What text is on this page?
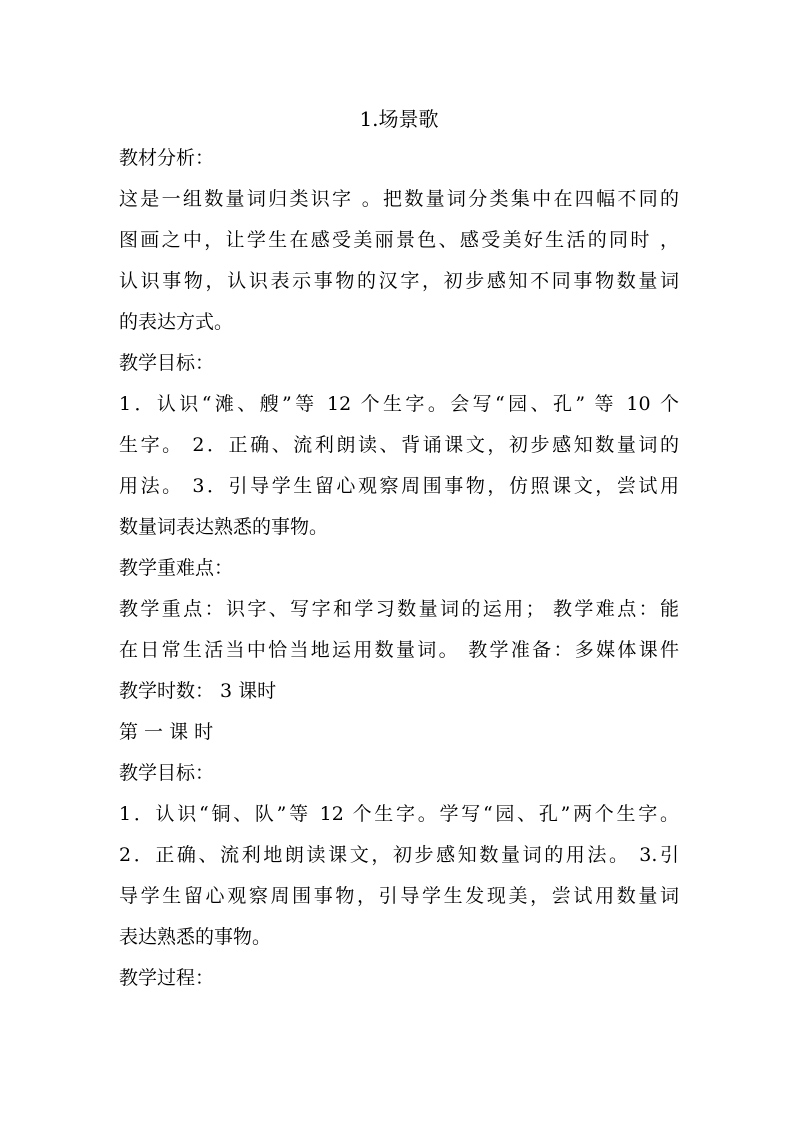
1.场景歌

教材分析：

这是一组数量词归类识字 。把数量词分类集中在四幅不同的

图画之中，让学生在感受美丽景色、感受美好生活的同时 ，

认识事物，认识表示事物的汉字，初步感知不同事物数量词

的表达方式。

教学目标：

1．认识“滩、艘”等 12 个生字。会写“园、孔” 等 10 个

生字。 2．正确、流利朗读、背诵课文，初步感知数量词的

用法。 3．引导学生留心观察周围事物，仿照课文，尝试用

数量词表达熟悉的事物。

教学重难点：

教学重点：识字、写字和学习数量词的运用； 教学难点：能

在日常生活当中恰当地运用数量词。 教学准备：多媒体课件

教学时数： 3 课时

第 一 课 时

教学目标：

1．认识“铜、队”等 12 个生字。学写“园、孔”两个生字。

2．正确、流利地朗读课文，初步感知数量词的用法。 3.引

导学生留心观察周围事物，引导学生发现美，尝试用数量词

表达熟悉的事物。

教学过程：
